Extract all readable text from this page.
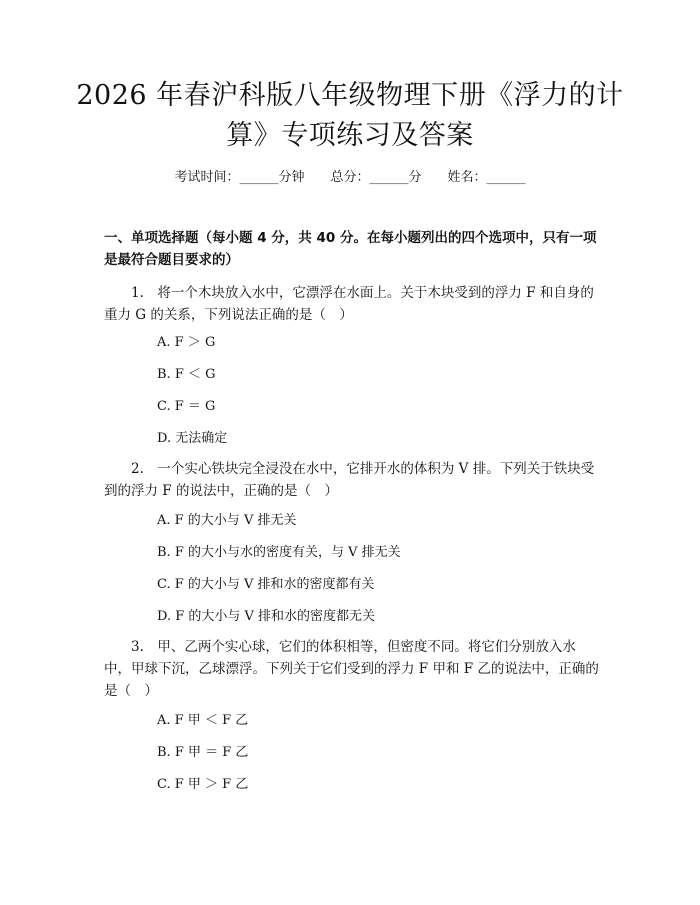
2026 年春沪科版八年级物理下册《浮力的计算》专项练习及答案
考试时间：______分钟 总分：______分 姓名：______
一、单项选择题（每小题 4 分，共 40 分。在每小题列出的四个选项中，只有一项是最符合题目要求的）
1.　将一个木块放入水中，它漂浮在水面上。关于木块受到的浮力 F 和自身的重力 G 的关系，下列说法正确的是（　）
A. F ＞ G
B. F ＜ G
C. F ＝ G
D. 无法确定
2.　一个实心铁块完全浸没在水中，它排开水的体积为 V 排。下列关于铁块受到的浮力 F 的说法中，正确的是（　）
A. F 的大小与 V 排无关
B. F 的大小与水的密度有关，与 V 排无关
C. F 的大小与 V 排和水的密度都有关
D. F 的大小与 V 排和水的密度都无关
3.　甲、乙两个实心球，它们的体积相等，但密度不同。将它们分别放入水中，甲球下沉，乙球漂浮。下列关于它们受到的浮力 F 甲和 F 乙的说法中，正确的是（　）
A. F 甲 ＜ F 乙
B. F 甲 ＝ F 乙
C. F 甲 ＞ F 乙
